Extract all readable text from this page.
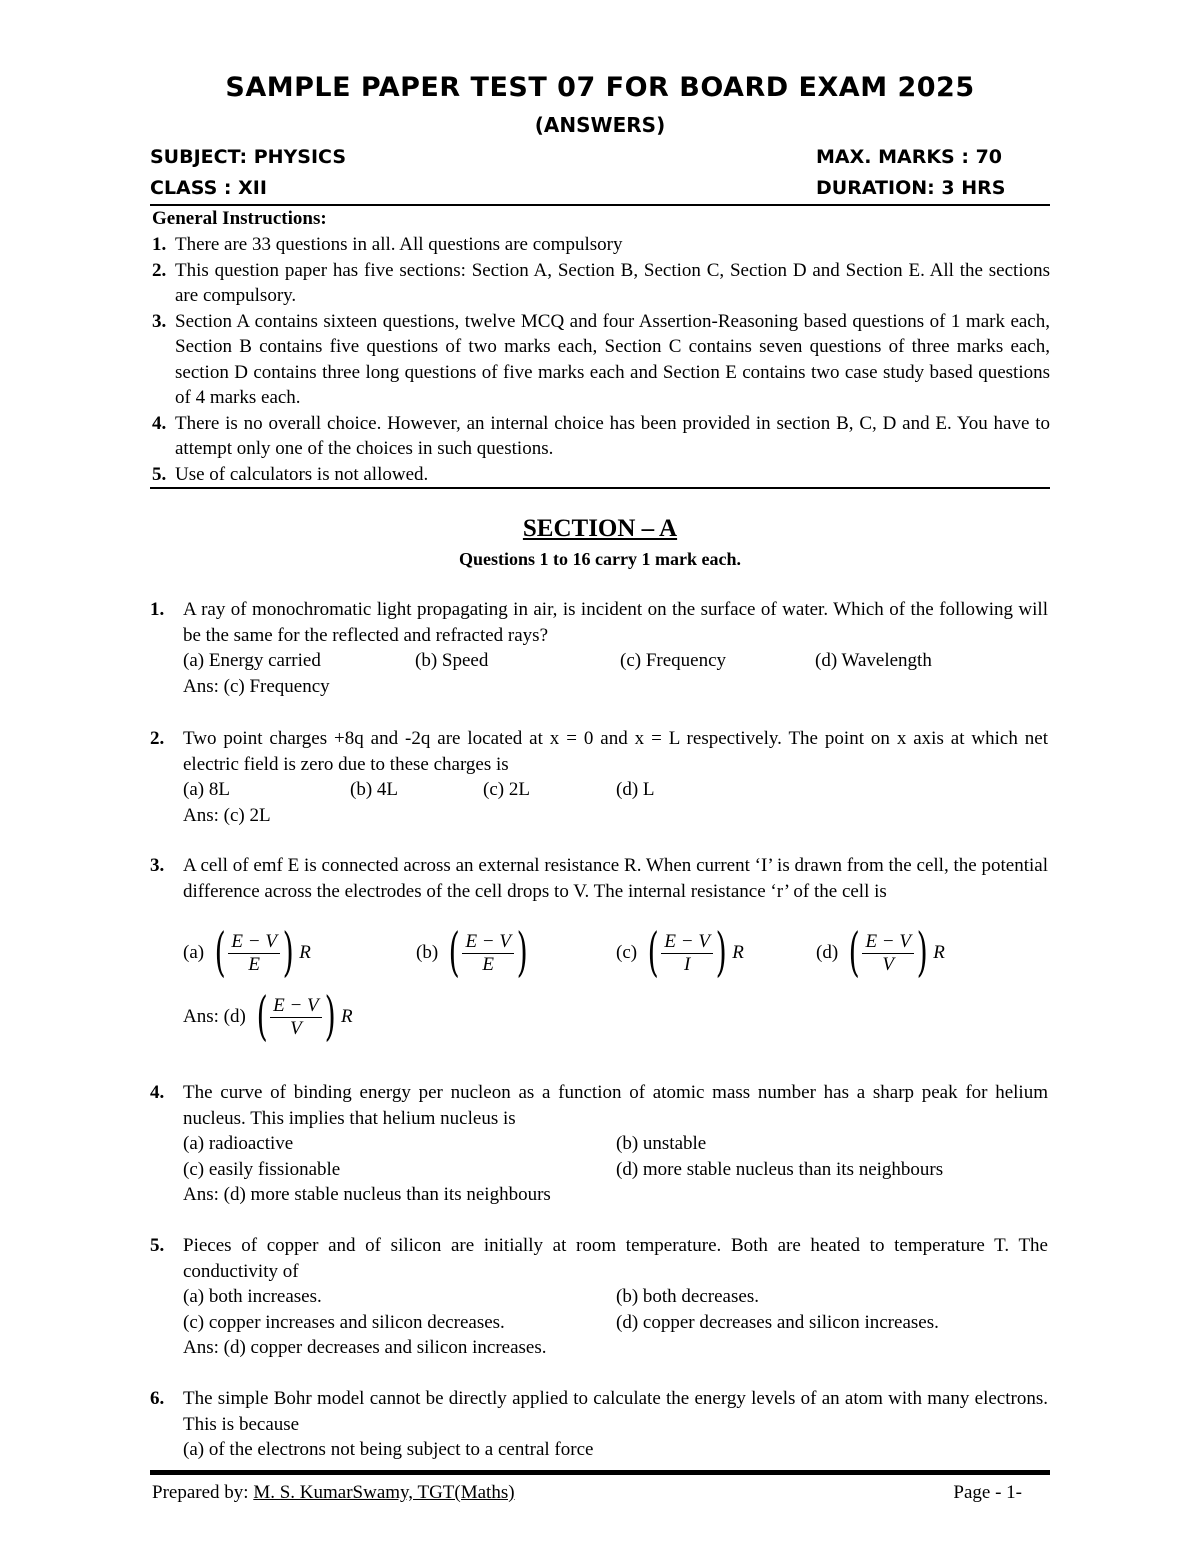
SAMPLE PAPER TEST 07 FOR BOARD EXAM 2025
(ANSWERS)
SUBJECT: PHYSICS	MAX. MARKS : 70
CLASS : XII	DURATION: 3 HRS
General Instructions:
1. There are 33 questions in all. All questions are compulsory
2. This question paper has five sections: Section A, Section B, Section C, Section D and Section E. All the sections are compulsory.
3. Section A contains sixteen questions, twelve MCQ and four Assertion-Reasoning based questions of 1 mark each, Section B contains five questions of two marks each, Section C contains seven questions of three marks each, section D contains three long questions of five marks each and Section E contains two case study based questions of 4 marks each.
4. There is no overall choice. However, an internal choice has been provided in section B, C, D and E. You have to attempt only one of the choices in such questions.
5. Use of calculators is not allowed.
SECTION – A
Questions 1 to 16 carry 1 mark each.
1. A ray of monochromatic light propagating in air, is incident on the surface of water. Which of the following will be the same for the reflected and refracted rays?
(a) Energy carried	(b) Speed	(c) Frequency	(d) Wavelength
Ans: (c) Frequency
2. Two point charges +8q and -2q are located at x = 0 and x = L respectively. The point on x axis at which net electric field is zero due to these charges is
(a) 8L	(b) 4L	(c) 2L	(d) L
Ans: (c) 2L
3. A cell of emf E is connected across an external resistance R. When current ‘I’ is drawn from the cell, the potential difference across the electrodes of the cell drops to V. The internal resistance ‘r’ of the cell is
(a) ( $\frac{E - V}{E}$ ) R	(b) ( $\frac{E - V}{E}$ )	(c) ( $\frac{E - V}{I}$ ) R	(d) ( $\frac{E - V}{V}$ ) R
Ans: (d) ( $\frac{E - V}{V}$ ) R
4. The curve of binding energy per nucleon as a function of atomic mass number has a sharp peak for helium nucleus. This implies that helium nucleus is
(a) radioactive	(b) unstable
(c) easily fissionable	(d) more stable nucleus than its neighbours
Ans: (d) more stable nucleus than its neighbours
5. Pieces of copper and of silicon are initially at room temperature. Both are heated to temperature T. The conductivity of
(a) both increases.	(b) both decreases.
(c) copper increases and silicon decreases.	(d) copper decreases and silicon increases.
Ans: (d) copper decreases and silicon increases.
6. The simple Bohr model cannot be directly applied to calculate the energy levels of an atom with many electrons. This is because
(a) of the electrons not being subject to a central force
Prepared by: M. S. KumarSwamy, TGT(Maths)	Page - 1-
